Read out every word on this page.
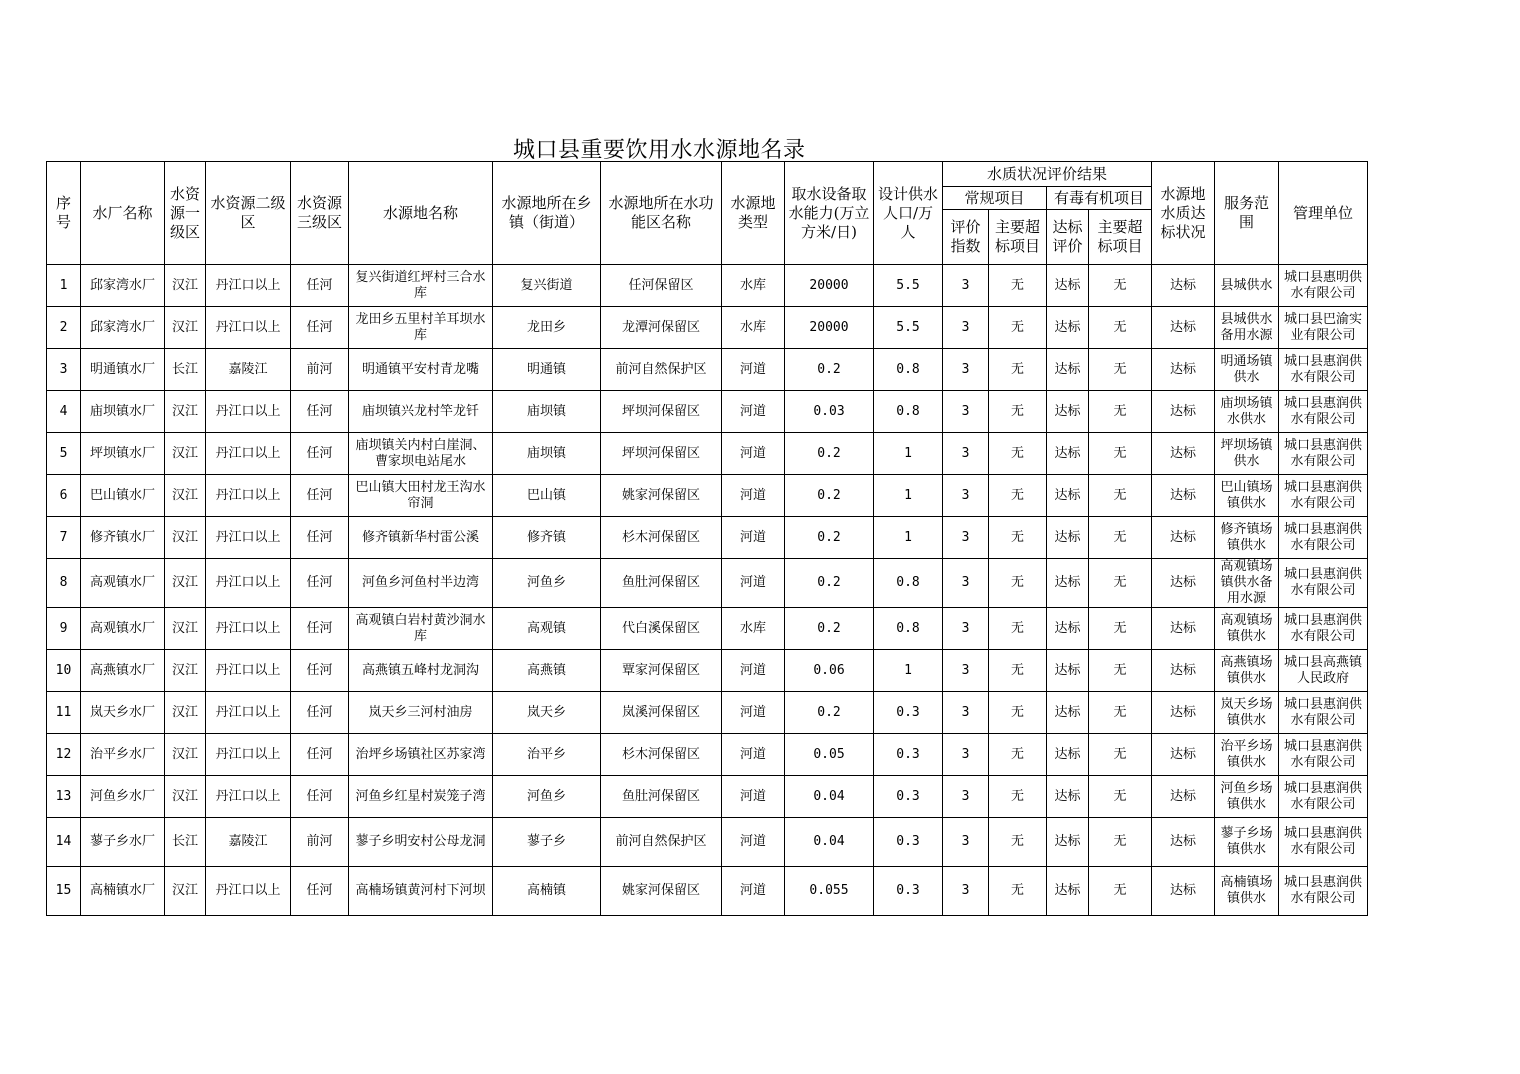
城口县重要饮用水水源地名录
序号	水厂名称	水资源一级区	水资源二级区	水资源三级区	水源地名称	水源地所在乡镇（街道）	水源地所在水功能区名称	水源地类型	取水设备取水能力(万立方米/日)	设计供水人口/万人	水质状况评价结果				水源地水质达标状况	服务范围	管理单位
											常规项目		有毒有机项目				
											评价指数	主要超标项目	达标评价	主要超标项目			
1	邱家湾水厂	汉江	丹江口以上	任河	复兴街道红坪村三合水库	复兴街道	任河保留区	水库	20000	5.5	3	无	达标	无	达标	县城供水	城口县惠明供水有限公司
2	邱家湾水厂	汉江	丹江口以上	任河	龙田乡五里村羊耳坝水库	龙田乡	龙潭河保留区	水库	20000	5.5	3	无	达标	无	达标	县城供水备用水源	城口县巴渝实业有限公司
3	明通镇水厂	长江	嘉陵江	前河	明通镇平安村青龙嘴	明通镇	前河自然保护区	河道	0.2	0.8	3	无	达标	无	达标	明通场镇供水	城口县惠润供水有限公司
4	庙坝镇水厂	汉江	丹江口以上	任河	庙坝镇兴龙村竿龙钎	庙坝镇	坪坝河保留区	河道	0.03	0.8	3	无	达标	无	达标	庙坝场镇水供水	城口县惠润供水有限公司
5	坪坝镇水厂	汉江	丹江口以上	任河	庙坝镇关内村白崖洞、曹家坝电站尾水	庙坝镇	坪坝河保留区	河道	0.2	1	3	无	达标	无	达标	坪坝场镇供水	城口县惠润供水有限公司
6	巴山镇水厂	汉江	丹江口以上	任河	巴山镇大田村龙王沟水帘洞	巴山镇	姚家河保留区	河道	0.2	1	3	无	达标	无	达标	巴山镇场镇供水	城口县惠润供水有限公司
7	修齐镇水厂	汉江	丹江口以上	任河	修齐镇新华村雷公溪	修齐镇	杉木河保留区	河道	0.2	1	3	无	达标	无	达标	修齐镇场镇供水	城口县惠润供水有限公司
8	高观镇水厂	汉江	丹江口以上	任河	河鱼乡河鱼村半边湾	河鱼乡	鱼肚河保留区	河道	0.2	0.8	3	无	达标	无	达标	高观镇场镇供水备用水源	城口县惠润供水有限公司
9	高观镇水厂	汉江	丹江口以上	任河	高观镇白岩村黄沙洞水库	高观镇	代白溪保留区	水库	0.2	0.8	3	无	达标	无	达标	高观镇场镇供水	城口县惠润供水有限公司
10	高燕镇水厂	汉江	丹江口以上	任河	高燕镇五峰村龙洞沟	高燕镇	覃家河保留区	河道	0.06	1	3	无	达标	无	达标	高燕镇场镇供水	城口县高燕镇人民政府
11	岚天乡水厂	汉江	丹江口以上	任河	岚天乡三河村油房	岚天乡	岚溪河保留区	河道	0.2	0.3	3	无	达标	无	达标	岚天乡场镇供水	城口县惠润供水有限公司
12	治平乡水厂	汉江	丹江口以上	任河	治坪乡场镇社区苏家湾	治平乡	杉木河保留区	河道	0.05	0.3	3	无	达标	无	达标	治平乡场镇供水	城口县惠润供水有限公司
13	河鱼乡水厂	汉江	丹江口以上	任河	河鱼乡红星村炭笼子湾	河鱼乡	鱼肚河保留区	河道	0.04	0.3	3	无	达标	无	达标	河鱼乡场镇供水	城口县惠润供水有限公司
14	蓼子乡水厂	长江	嘉陵江	前河	蓼子乡明安村公母龙洞	蓼子乡	前河自然保护区	河道	0.04	0.3	3	无	达标	无	达标	蓼子乡场镇供水	城口县惠润供水有限公司
15	高楠镇水厂	汉江	丹江口以上	任河	高楠场镇黄河村下河坝	高楠镇	姚家河保留区	河道	0.055	0.3	3	无	达标	无	达标	高楠镇场镇供水	城口县惠润供水有限公司
